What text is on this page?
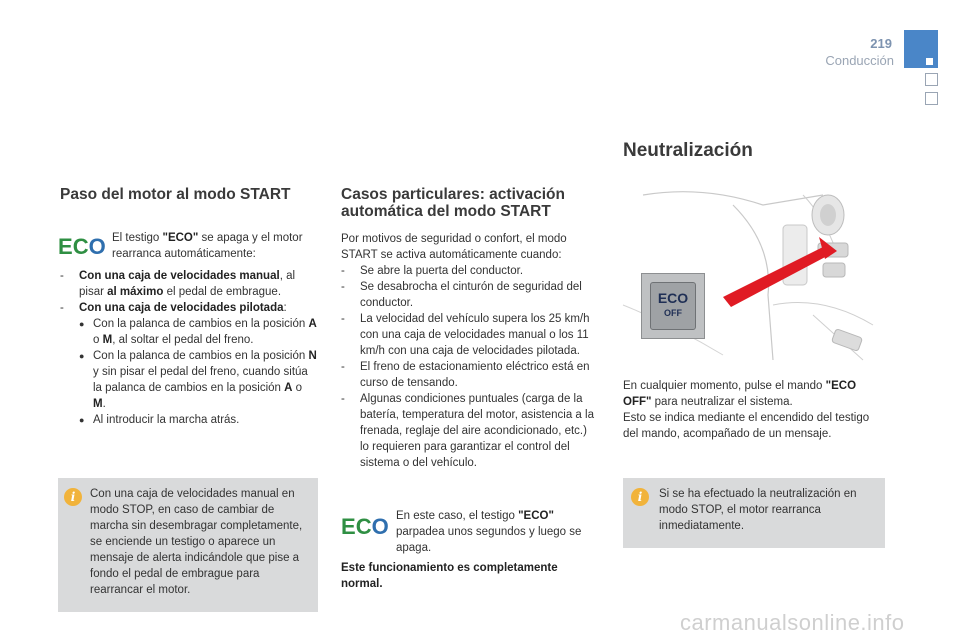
219
Conducción
Paso del motor al modo START
ECO El testigo "ECO" se apaga y el motor rearranca automáticamente:
- Con una caja de velocidades manual, al pisar al máximo el pedal de embrague.
- Con una caja de velocidades pilotada:
● Con la palanca de cambios en la posición A o M, al soltar el pedal del freno.
● Con la palanca de cambios en la posición N y sin pisar el pedal del freno, cuando sitúa la palanca de cambios en la posición A o M.
● Al introducir la marcha atrás.
i	Con una caja de velocidades manual en modo STOP, en caso de cambiar de marcha sin desembragar completamente, se enciende un testigo o aparece un mensaje de alerta indicándole que pise a fondo el pedal de embrague para rearrancar el motor.
Casos particulares: activación
automática del modo START
Por motivos de seguridad o confort, el modo START se activa automáticamente cuando:
- Se abre la puerta del conductor.
- Se desabrocha el cinturón de seguridad del conductor.
- La velocidad del vehículo supera los 25 km/h con una caja de velocidades manual o los 11 km/h con una caja de velocidades pilotada.
- El freno de estacionamiento eléctrico está en curso de tensando.
- Algunas condiciones puntuales (carga de la batería, temperatura del motor, asistencia a la frenada, reglaje del aire acondicionado, etc.) lo requieren para garantizar el control del sistema o del vehículo.
ECO En este caso, el testigo "ECO" parpadea unos segundos y luego se apaga.
Este funcionamiento es completamente normal.
Neutralización
ECO
OFF
En cualquier momento, pulse el mando "ECO OFF" para neutralizar el sistema.
Esto se indica mediante el encendido del testigo del mando, acompañado de un mensaje.
i	Si se ha efectuado la neutralización en modo STOP, el motor rearranca inmediatamente.
carmanualsonline.info
